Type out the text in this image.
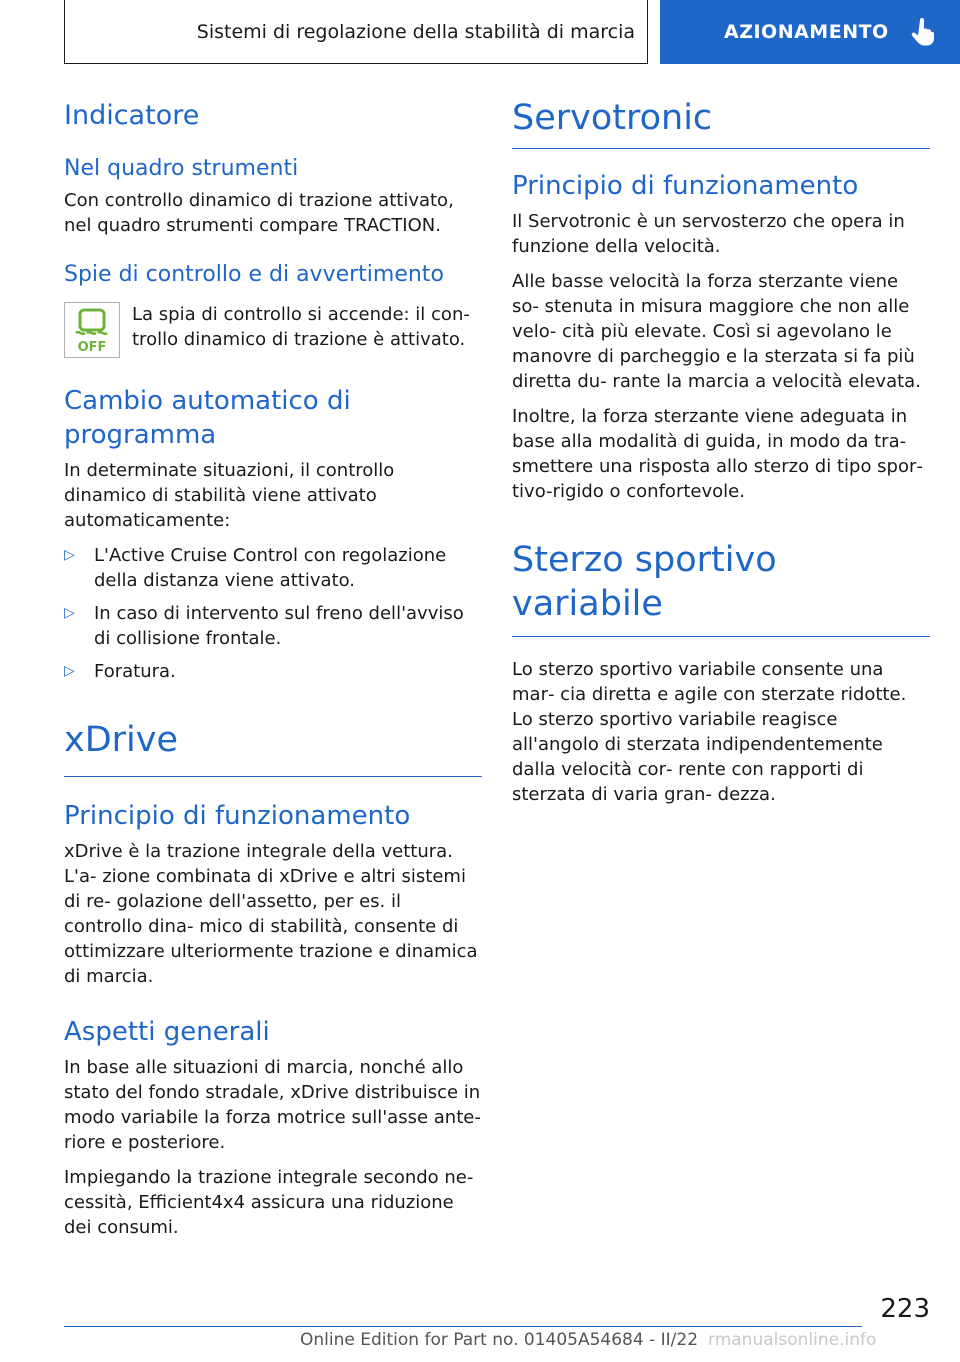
Sistemi di regolazione della stabilità di marcia	AZIONAMENTO
Indicatore
Nel quadro strumenti

Con controllo dinamico di trazione attivato, nel quadro strumenti compare TRACTION.

Spie di controllo e di avvertimento
OFF

La spia di controllo si accende: il con‐ trollo dinamico di trazione è attivato.

Cambio automatico di programma

In determinate situazioni, il controllo dinamico di stabilità viene attivato automaticamente:

▷ L'Active Cruise Control con regolazione della distanza viene attivato.
▷ In caso di intervento sul freno dell'avviso di collisione frontale.
▷ Foratura.
xDrive
Principio di funzionamento

xDrive è la trazione integrale della vettura. L'a‐ zione combinata di xDrive e altri sistemi di re‐ golazione dell'assetto, per es. il controllo dina‐ mico di stabilità, consente di ottimizzare ulteriormente trazione e dinamica di marcia.

Aspetti generali

In base alle situazioni di marcia, nonché allo stato del fondo stradale, xDrive distribuisce in modo variabile la forza motrice sull'asse ante‐ riore e posteriore.

Impiegando la trazione integrale secondo ne‐ cessità, Efficient4x4 assicura una riduzione dei consumi.

Servotronic
Principio di funzionamento

Il Servotronic è un servosterzo che opera in funzione della velocità.

Alle basse velocità la forza sterzante viene so‐ stenuta in misura maggiore che non alle velo‐ cità più elevate. Così si agevolano le manovre di parcheggio e la sterzata si fa più diretta du‐ rante la marcia a velocità elevata.

Inoltre, la forza sterzante viene adeguata in base alla modalità di guida, in modo da tra‐ smettere una risposta allo sterzo di tipo spor‐ tivo-rigido o confortevole.

Sterzo sportivo variabile

Lo sterzo sportivo variabile consente una mar‐ cia diretta e agile con sterzate ridotte. Lo sterzo sportivo variabile reagisce all'angolo di sterzata indipendentemente dalla velocità cor‐ rente con rapporti di sterzata di varia gran‐ dezza.

223
Online Edition for Part no. 01405A54684 - II/22 rmanualsonline.info
